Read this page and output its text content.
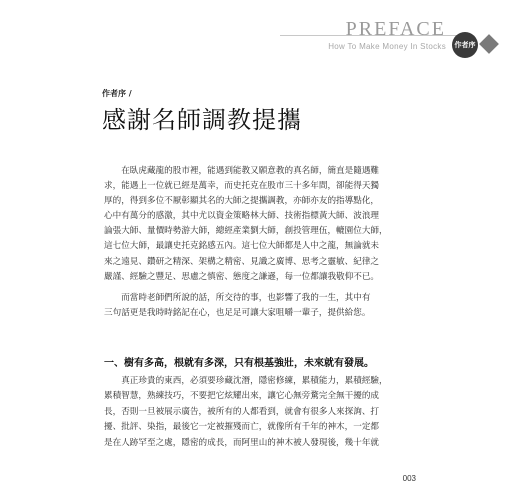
PREFACE
How To Make Money In Stocks	作者序
作者序 /
感謝名師調教提攜
　　在臥虎藏龍的股市裡，能遇到能教又願意教的真名師，簡直是隨遇難
求，能遇上一位就已經是萬幸，而史托克在股市三十多年間，卻能得天獨
厚的，得到多位不厭彰顯其名的大師之提攜調教，亦師亦友的指導點化，
心中有萬分的感激，其中尤以資金策略林大師、技術指標黃大師、波浪理
論張大師、量價時勢游大師，總經產業劉大師，創投管理伍，轆園位大師，
這七位大師，最讓史托克銘感五內。這七位大師都是人中之龍，無論就未
來之遠見、鑽研之精深、架構之精密、見識之廣博、思考之靈敏、紀律之
嚴謹、經驗之豐足、思慮之慎密、態度之謙遜，每一位都讓我敬仰不已。
　　而當時老師們所說的話，所交待的事，也影響了我的一生，其中有
三句話更是我時時銘記在心，也足足可讓大家咀嚼一輩子，提供給您。
一、樹有多高，根就有多深，只有根基強壯，未來就有發展。
　　真正珍貴的東西，必須要珍藏沈潛，隱密修練，累積能力，累積經驗，
累積智慧，熟練技巧，不要把它炫耀出來，讓它心無旁騖完全無干擾的成
長，否則一旦被展示廣告，被所有的人都看到，就會有很多人來探詢、打
擾、批評、染指，最後它一定被摧殘而亡，就像所有千年的神木，一定都
是在人跡罕至之處，隱密的成長，而阿里山的神木被人發現後，幾十年就
003
